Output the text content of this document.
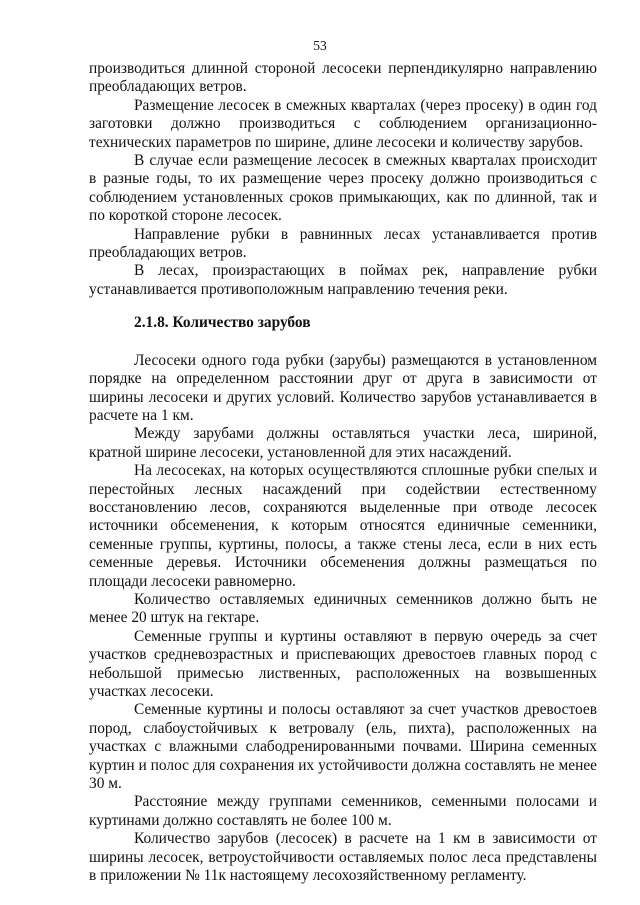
53

производиться длинной стороной лесосеки перпендикулярно направлению преобладающих ветров.

Размещение лесосек в смежных кварталах (через просеку) в один год заготовки должно производиться с соблюдением организационно-технических параметров по ширине, длине лесосеки и количеству зарубов.

В случае если размещение лесосек в смежных кварталах происходит в разные годы, то их размещение через просеку должно производиться с соблюдением установленных сроков примыкающих, как по длинной, так и по короткой стороне лесосек.

Направление рубки в равнинных лесах устанавливается против преобладающих ветров.

В лесах, произрастающих в поймах рек, направление рубки устанавливается противоположным направлению течения реки.

2.1.8. Количество зарубов

Лесосеки одного года рубки (зарубы) размещаются в установленном порядке на определенном расстоянии друг от друга в зависимости от ширины лесосеки и других условий. Количество зарубов устанавливается в расчете на 1 км.

Между зарубами должны оставляться участки леса, шириной, кратной ширине лесосеки, установленной для этих насаждений.

На лесосеках, на которых осуществляются сплошные рубки спелых и перестойных лесных насаждений при содействии естественному восстановлению лесов, сохраняются выделенные при отводе лесосек источники обсеменения, к которым относятся единичные семенники, семенные группы, куртины, полосы, а также стены леса, если в них есть семенные деревья. Источники обсеменения должны размещаться по площади лесосеки равномерно.

Количество оставляемых единичных семенников должно быть не менее 20 штук на гектаре.

Семенные группы и куртины оставляют в первую очередь за счет участков средневозрастных и приспевающих древостоев главных пород с небольшой примесью лиственных, расположенных на возвышенных участках лесосеки.

Семенные куртины и полосы оставляют за счет участков древостоев пород, слабоустойчивых к ветровалу (ель, пихта), расположенных на участках с влажными слабодренированными почвами. Ширина семенных куртин и полос для сохранения их устойчивости должна составлять не менее 30 м.

Расстояние между группами семенников, семенными полосами и куртинами должно составлять не более 100 м.

Количество зарубов (лесосек) в расчете на 1 км в зависимости от ширины лесосек, ветроустойчивости оставляемых полос леса представлены в приложении № 11к настоящему лесохозяйственному регламенту.
